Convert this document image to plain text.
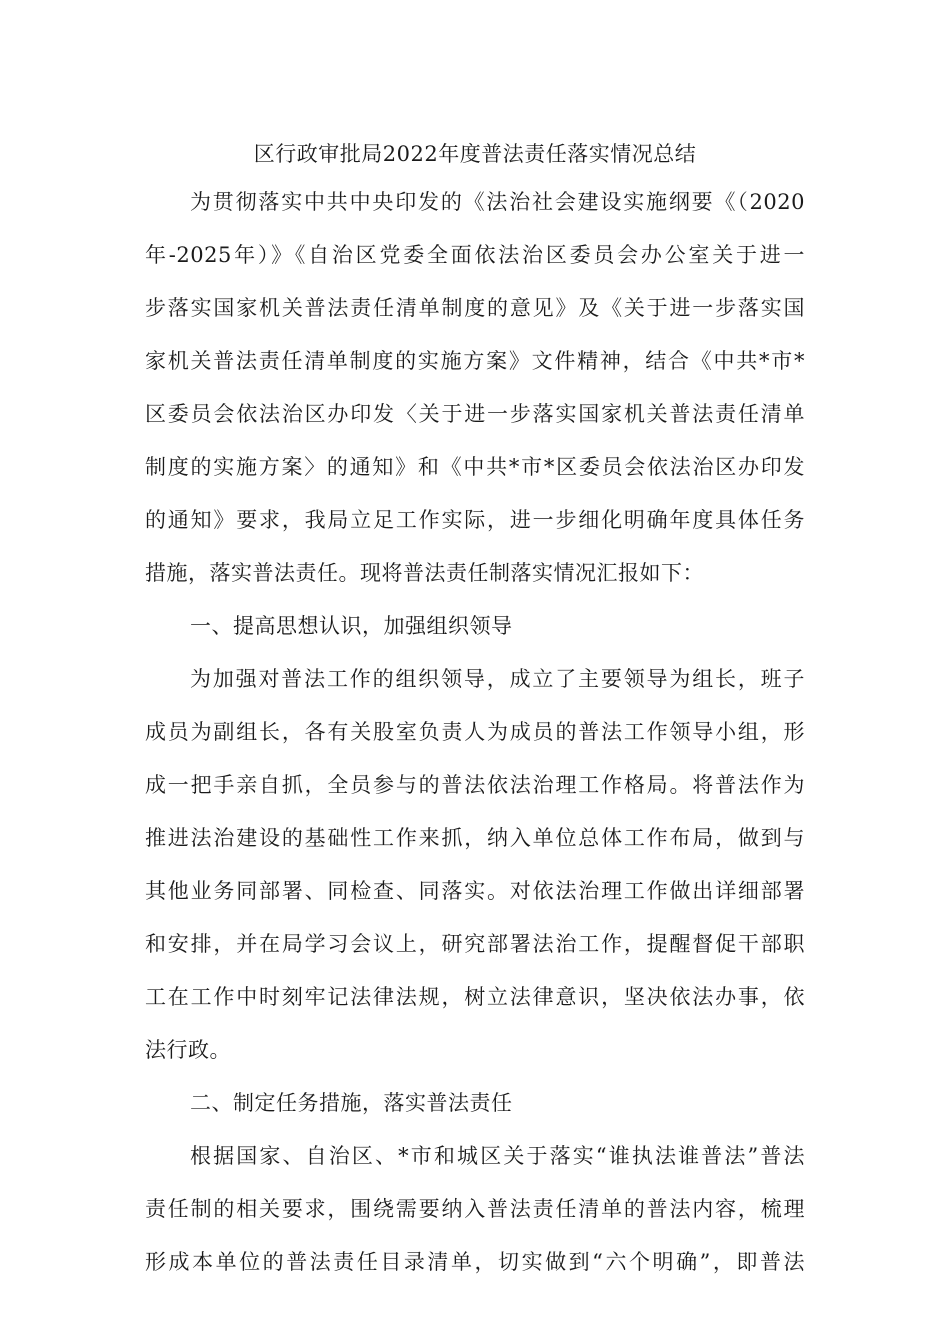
区行政审批局2022年度普法责任落实情况总结
为贯彻落实中共中央印发的《法治社会建设实施纲要《（2020
年-2025年）》《自治区党委全面依法治区委员会办公室关于进一
步落实国家机关普法责任清单制度的意见》及《关于进一步落实国
家机关普法责任清单制度的实施方案》文件精神，结合《中共*市*
区委员会依法治区办印发〈关于进一步落实国家机关普法责任清单
制度的实施方案〉的通知》和《中共*市*区委员会依法治区办印发
的通知》要求，我局立足工作实际，进一步细化明确年度具体任务
措施，落实普法责任。现将普法责任制落实情况汇报如下：
一、提高思想认识，加强组织领导
为加强对普法工作的组织领导，成立了主要领导为组长，班子
成员为副组长，各有关股室负责人为成员的普法工作领导小组，形
成一把手亲自抓，全员参与的普法依法治理工作格局。将普法作为
推进法治建设的基础性工作来抓，纳入单位总体工作布局，做到与
其他业务同部署、同检查、同落实。对依法治理工作做出详细部署
和安排，并在局学习会议上，研究部署法治工作，提醒督促干部职
工在工作中时刻牢记法律法规，树立法律意识，坚决依法办事，依
法行政。
二、制定任务措施，落实普法责任
根据国家、自治区、*市和城区关于落实“谁执法谁普法”普法
责任制的相关要求，围绕需要纳入普法责任清单的普法内容，梳理
形成本单位的普法责任目录清单，切实做到“六个明确”，即普法
